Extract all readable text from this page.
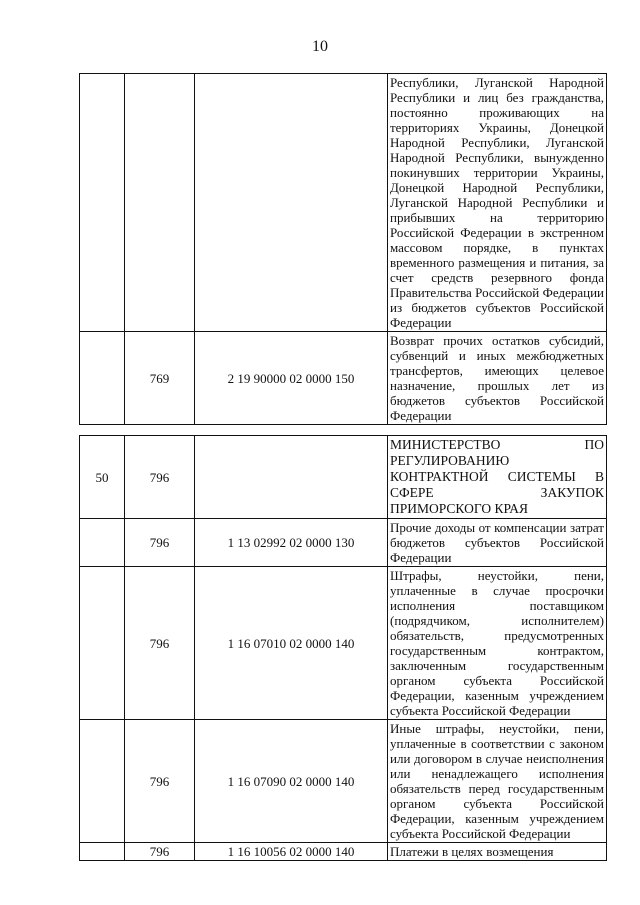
10

			Республики, Луганской Народной Республики и лиц без гражданства, постоянно проживающих на территориях Украины, Донецкой Народной Республики, Луганской Народной Республики, вынужденно покинувших территории Украины, Донецкой Народной Республики, Луганской Народной Республики и прибывших на территорию Российской Федерации в экстренном массовом порядке, в пунктах временного размещения и питания, за счет средств резервного фонда Правительства Российской Федерации из бюджетов субъектов Российской Федерации

	769	2 19 90000 02 0000 150	Возврат прочих остатков субсидий, субвенций и иных межбюджетных трансфертов, имеющих целевое назначение, прошлых лет из бюджетов субъектов Российской Федерации
50	796		МИНИСТЕРСТВО ПО РЕГУЛИРОВАНИЮ КОНТРАКТНОЙ СИСТЕМЫ В СФЕРЕ ЗАКУПОК ПРИМОРСКОГО КРАЯ

	796	1 13 02992 02 0000 130	Прочие доходы от компенсации затрат бюджетов субъектов Российской Федерации

	796	1 16 07010 02 0000 140	Штрафы, неустойки, пени, уплаченные в случае просрочки исполнения поставщиком (подрядчиком, исполнителем) обязательств, предусмотренных государственным контрактом, заключенным государственным органом субъекта Российской Федерации, казенным учреждением субъекта Российской Федерации

	796	1 16 07090 02 0000 140	Иные штрафы, неустойки, пени, уплаченные в соответствии с законом или договором в случае неисполнения или ненадлежащего исполнения обязательств перед государственным органом субъекта Российской Федерации, казенным учреждением субъекта Российской Федерации

	796	1 16 10056 02 0000 140	Платежи в целях возмещения
